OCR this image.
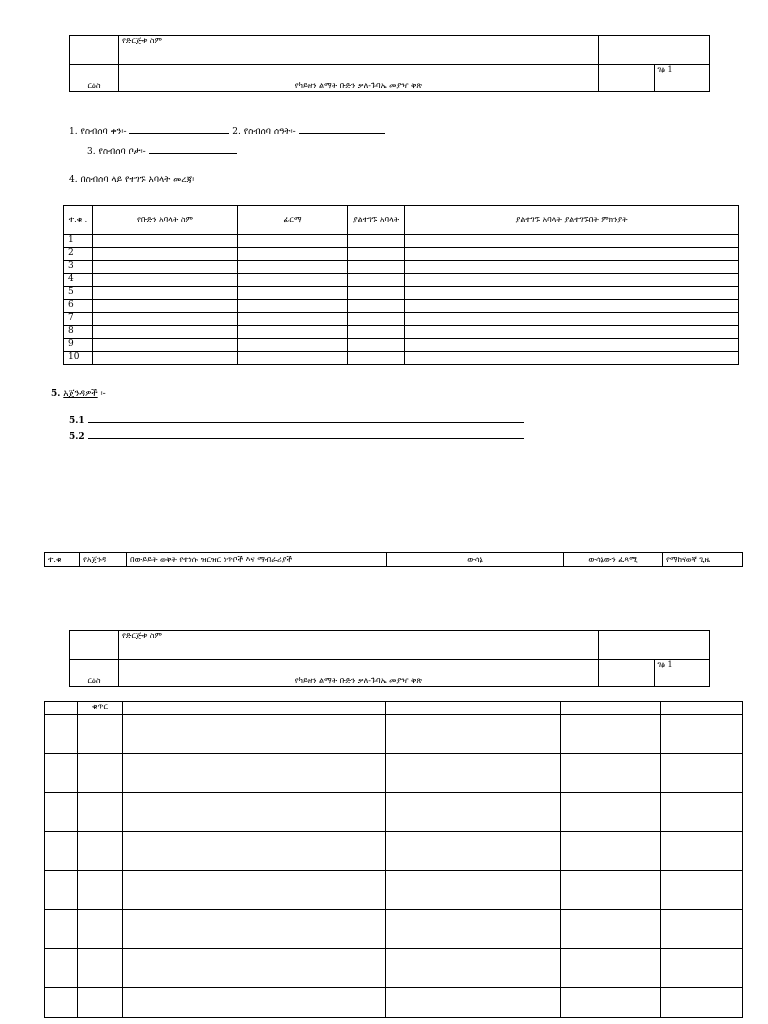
	የድርጅቱ ስም		
ርዕስ	የካይዘን ልማት ቡድን ቃለ-ጉባኤ መያዣ ቅጽ		ገፅ 1
1. የስብሰባ ቀን፡-	2. የስብሰባ ሰዓት፡-
3. የስብሰባ ቦታ፡-
4. በስብሰባ ላይ የተገኙ አባላት መረጃ፡
ተ.ቁ .	የቡድን አባላት ስም	ፊርማ	ያልተገኙ አባላት	ያልተገኙ አባላት ያልተገኙበት ምክንያት
1				
2				
3				
4				
5				
6				
7				
8				
9				
10				
5. አጀንዳዎች ፡-
5.1
5.2
ተ.ቁ	የአጀንዳ	በውይይት ወቅት የተነሱ ዝርዝር ነጥቦች እና ማብራሪያች	ውሳኔ	ውሳኔውን ፈጻሚ	የማከናወኛ ጊዜ
	የድርጅቱ ስም		
ርዕስ	የካይዘን ልማት ቡድን ቃለ-ጉባኤ መያዣ ቅጽ		ገፅ 1
	ቁጥር				
